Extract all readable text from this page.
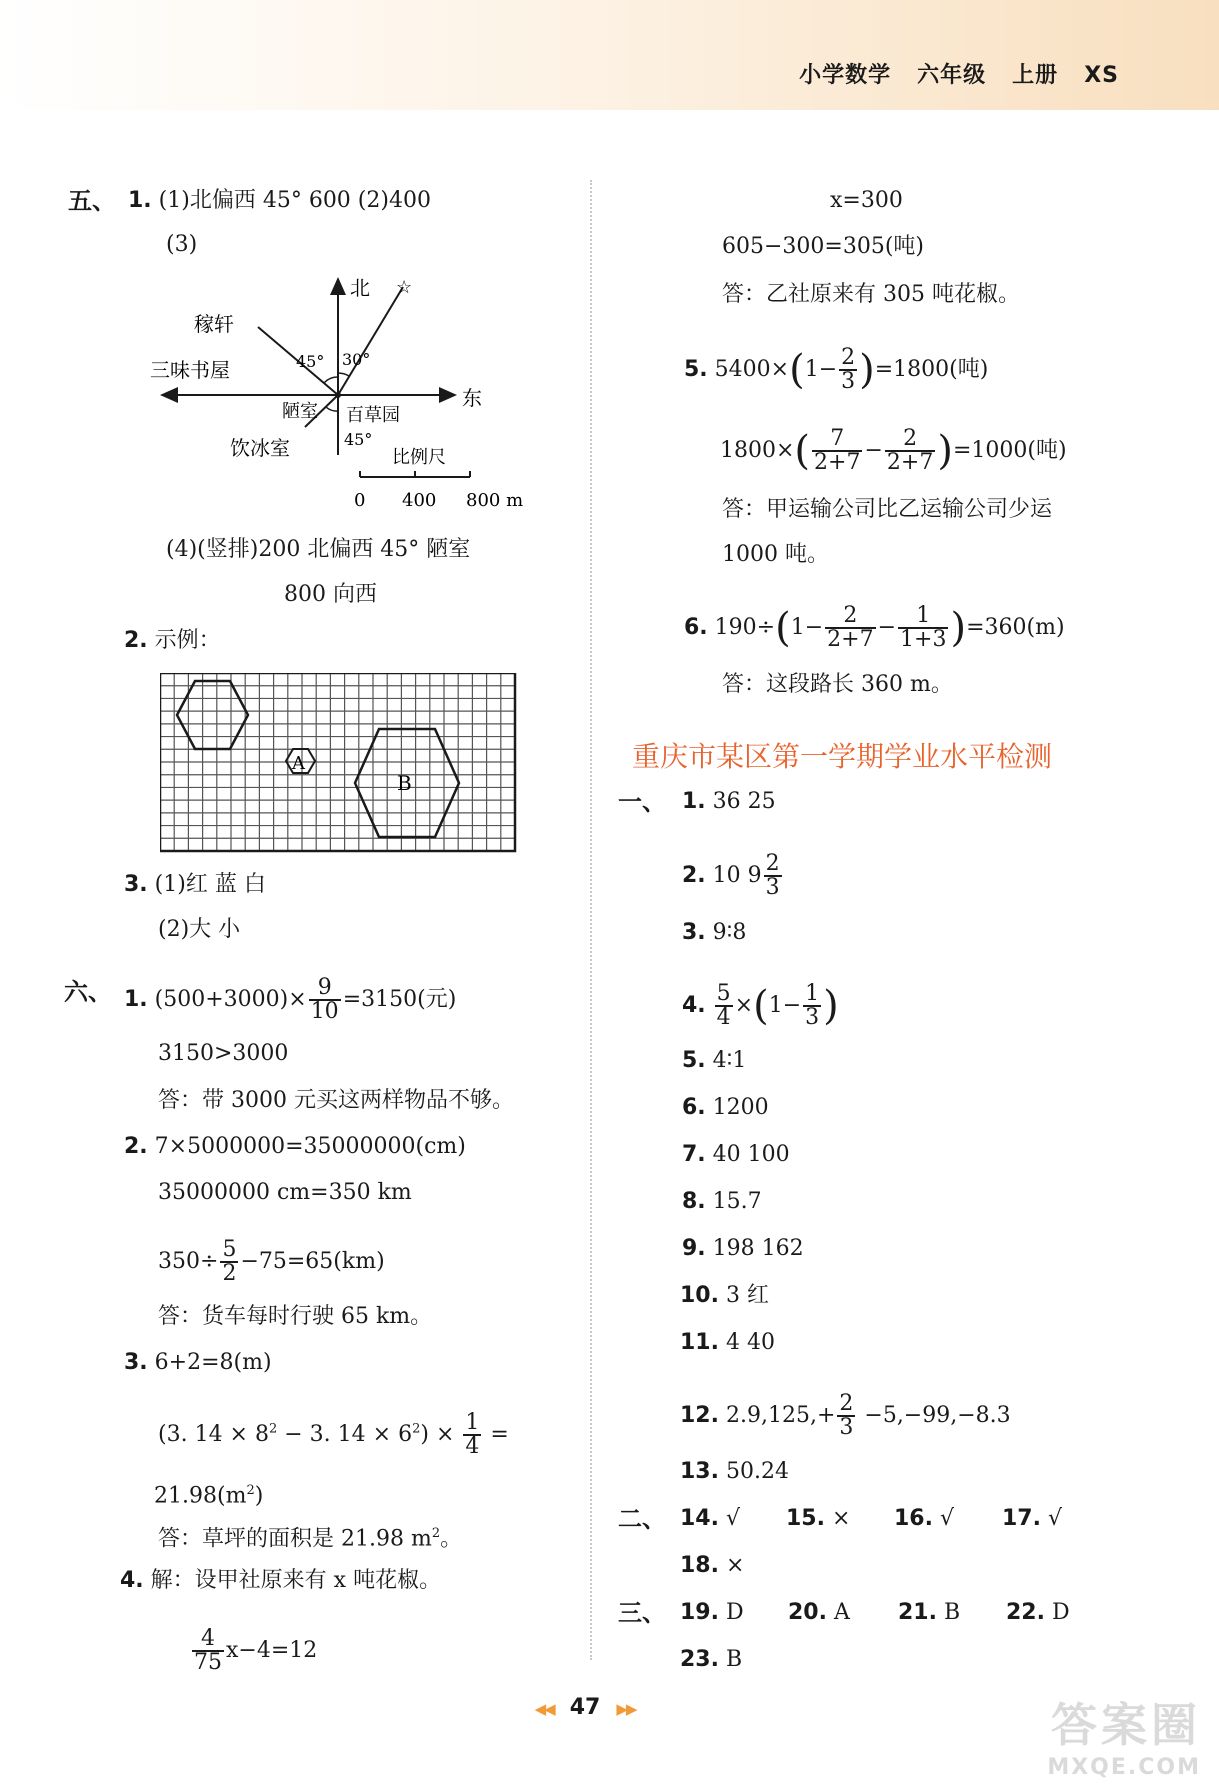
小学数学 六年级 上册 XS
五、 1. (1)北偏西 45° 600 (2)400
(3)
北 ☆
东
稼轩
三味书屋
陋室 百草园
饮冰室
45° 30°
45°
比例尺
0 400 800 m
(4)(竖排)200 北偏西 45° 陋室
800 向西
2. 示例：
A
B
3. (1)红 蓝 白
(2)大 小
六、 1. $(500+3000)\times \frac{9}{10} =3150$(元)
3150>3000
答：带 3000 元买这两样物品不够。
2. 7×5000000=35000000(cm)
35000000 cm=350 km
$350\div \frac{5}{2} -75=65(km)$
答：货车每时行驶 65 km。
3. 6+2=8(m)
(3. $14 \times 8^2 - 3$. $14 \times 6^2) \times \frac{1}{4}$ =
$21.98(m^2)$
答：草坪的面积是 21.98 $m^2$。
4. 解：设甲社原来有 x 吨花椒。
$\frac{4}{75} x-4=12$
x=300
605−300=305(吨)
答：乙社原来有 305 吨花椒。
5. $5400\times(1- \frac{2}{3} )=1800$(吨)
$1800\times( \frac{7}{2+7} - \frac{2}{2+7} )=1000$(吨)
答：甲运输公司比乙运输公司少运
1000 吨。
6. $190\div(1- \frac{2}{2+7} - \frac{1}{1+3} )=360(m)$
答：这段路长 360 m。
重庆市某区第一学期学业水平检测
一、 1. 36 25
2. 10 $9 \frac{2}{3}$
3. 9∶8
4. $\frac{5}{4} \times(1- \frac{1}{3}$ )
5. 4∶1
6. 1200
7. 40 100
8. 15.7
9. 198 162
10. 3 红
11. 4 40
12. $2.9,125,+ \frac{2}{3} -5,-99,-8.3$
13. 50.24
二、 14. √ 15. × 16. √ 17. √
18. ×
三、 19. D 20. A 21. B 22. D
23. B
◀◀ 47 ▶▶	答案圈
MXQE.COM
